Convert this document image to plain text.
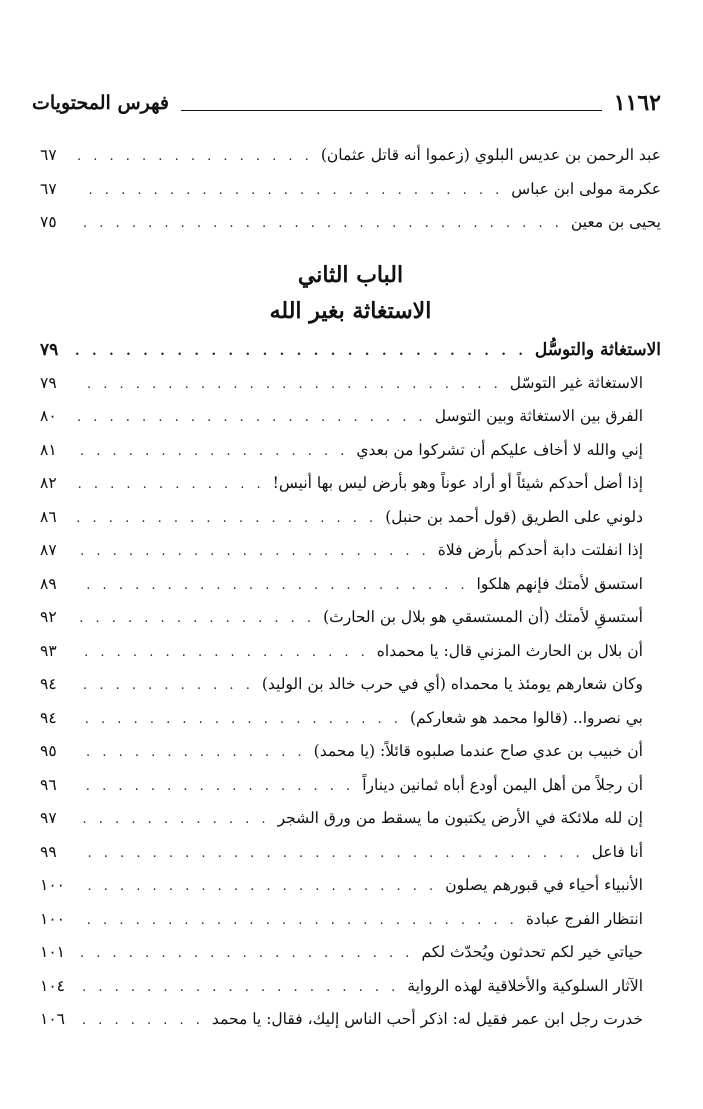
١١٦٢
فهرس المحتويات
عبد الرحمن بن عديس البلوي (زعموا أنه قاتل عثمان)
. . .
٦٧
عكرمة مولى ابن عباس
. . .
٦٧
يحيى بن معين
. . .
٧٥
الباب الثاني
الاستغاثة بغير الله
الاستغاثة والتوسُّل
. . .
٧٩
الاستغاثة غير التوسّل
. . .
٧٩
الفرق بين الاستغاثة وبين التوسل
. . .
٨٠
إني والله لا أخاف عليكم أن تشركوا من بعدي
. . .
٨١
إذا أضل أحدكم شيئاً أو أراد عوناً وهو بأرض ليس بها أنيس!
. . .
٨٢
دلوني على الطريق (قول أحمد بن حنبل)
. . .
٨٦
إذا انفلتت دابة أحدكم بأرض فلاة
. . .
٨٧
استسق لأمتك فإنهم هلكوا
. . .
٨٩
أستسقِ لأمتك (أن المستسقي هو بلال بن الحارث)
. . .
٩٢
أن بلال بن الحارث المزني قال: يا محمداه
. . .
٩٣
وكان شعارهم يومئذ يا محمداه (أي في حرب خالد بن الوليد)
. . .
٩٤
بي نصروا.. (قالوا محمد هو شعاركم)
. . .
٩٤
أن خبيب بن عدي صاح عندما صلبوه قائلاً: (يا محمد)
. . .
٩٥
أن رجلاً من أهل اليمن أودع أباه ثمانين ديناراً
. . .
٩٦
إن لله ملائكة في الأرض يكتبون ما يسقط من ورق الشجر
. . .
٩٧
أنا فاعل
. . .
٩٩
الأنبياء أحياء في قبورهم يصلون
. . .
١٠٠
انتظار الفرج عبادة
. . .
١٠٠
حياتي خير لكم تحدثون ويُحدّث لكم
. . .
١٠١
الآثار السلوكية والأخلاقية لهذه الرواية
. . .
١٠٤
خدرت رجل ابن عمر فقيل له: اذكر أحب الناس إليك، فقال: يا محمد
. . .
١٠٦
